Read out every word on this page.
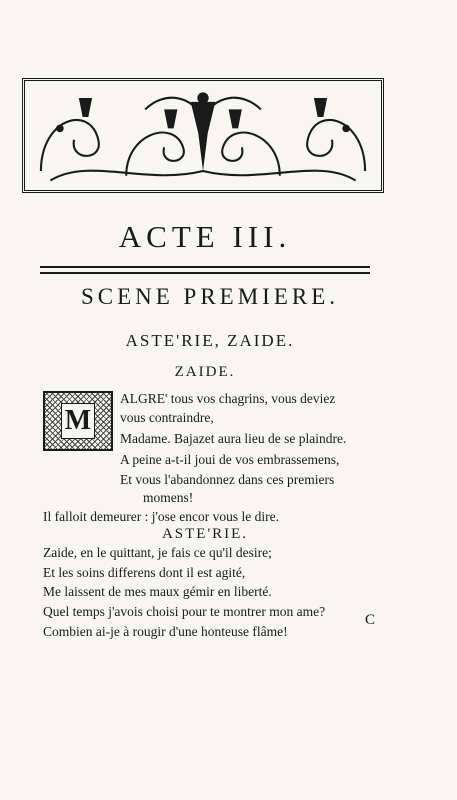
ACTE III.
SCENE PREMIERE.
ASTE'RIE, ZAIDE.
ZAIDE.
M
ALGRE' tous vos chagrins, vous deviez
vous contraindre,
Madame. Bajazet aura lieu de se plaindre.
A peine a-t-il joui de vos embrassemens,
Et vous l'abandonnez dans ces premiers
momens!
Il falloit demeurer : j'ose encor vous le dire.
ASTE'RIE.
Zaide, en le quittant, je fais ce qu'il desire;
Et les soins differens dont il est agité,
Me laissent de mes maux gémir en liberté.
Quel temps j'avois choisi pour te montrer mon ame?
Combien ai-je à rougir d'une honteuse flâme!
C
